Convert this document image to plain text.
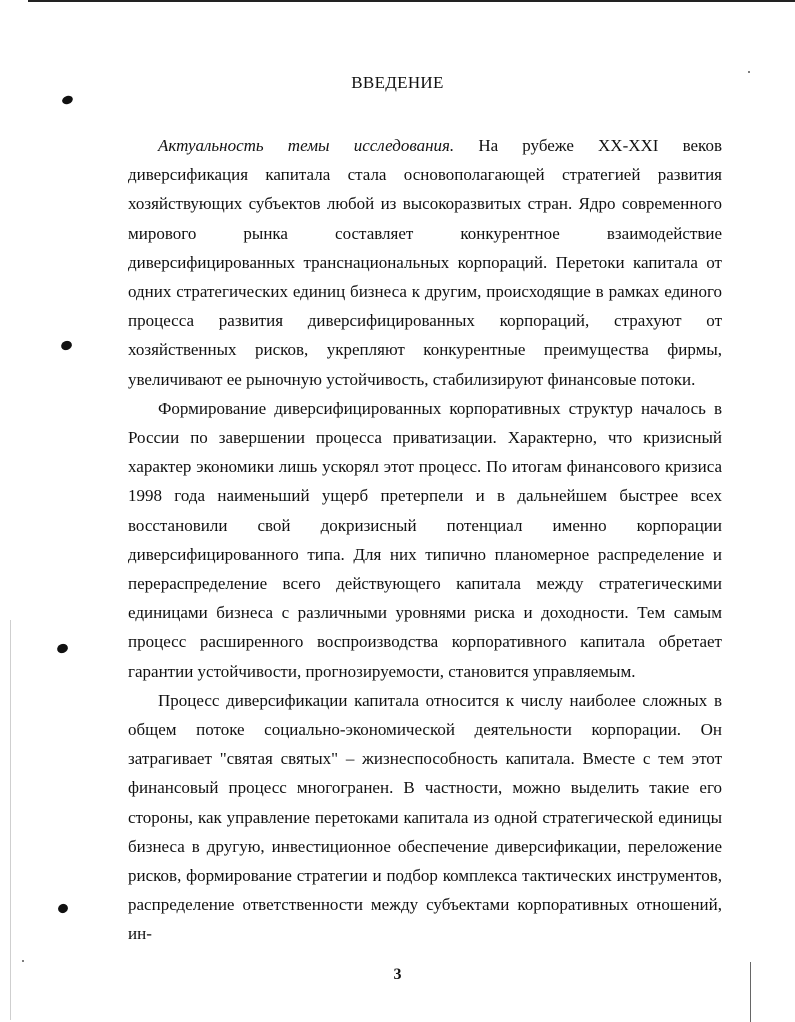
ВВЕДЕНИЕ

Актуальность темы исследования. На рубеже XX-XXI веков диверсификация капитала стала основополагающей стратегией развития хозяйствующих субъектов любой из высокоразвитых стран. Ядро современного мирового рынка составляет конкурентное взаимодействие диверсифицированных транснациональных корпораций. Перетоки капитала от одних стратегических единиц бизнеса к другим, происходящие в рамках единого процесса развития диверсифицированных корпораций, страхуют от хозяйственных рисков, укрепляют конкурентные преимущества фирмы, увеличивают ее рыночную устойчивость, стабилизируют финансовые потоки.

Формирование диверсифицированных корпоративных структур началось в России по завершении процесса приватизации. Характерно, что кризисный характер экономики лишь ускорял этот процесс. По итогам финансового кризиса 1998 года наименьший ущерб претерпели и в дальнейшем быстрее всех восстановили свой докризисный потенциал именно корпорации диверсифицированного типа. Для них типично планомерное распределение и перераспределение всего действующего капитала между стратегическими единицами бизнеса с различными уровнями риска и доходности. Тем самым процесс расширенного воспроизводства корпоративного капитала обретает гарантии устойчивости, прогнозируемости, становится управляемым.

Процесс диверсификации капитала относится к числу наиболее сложных в общем потоке социально-экономической деятельности корпорации. Он затрагивает "святая святых" – жизнеспособность капитала. Вместе с тем этот финансовый процесс многогранен. В частности, можно выделить такие его стороны, как управление перетоками капитала из одной стратегической единицы бизнеса в другую, инвестиционное обеспечение диверсификации, переложение рисков, формирование стратегии и подбор комплекса тактических инструментов, распределение ответственности между субъектами корпоративных отношений, ин-

3
